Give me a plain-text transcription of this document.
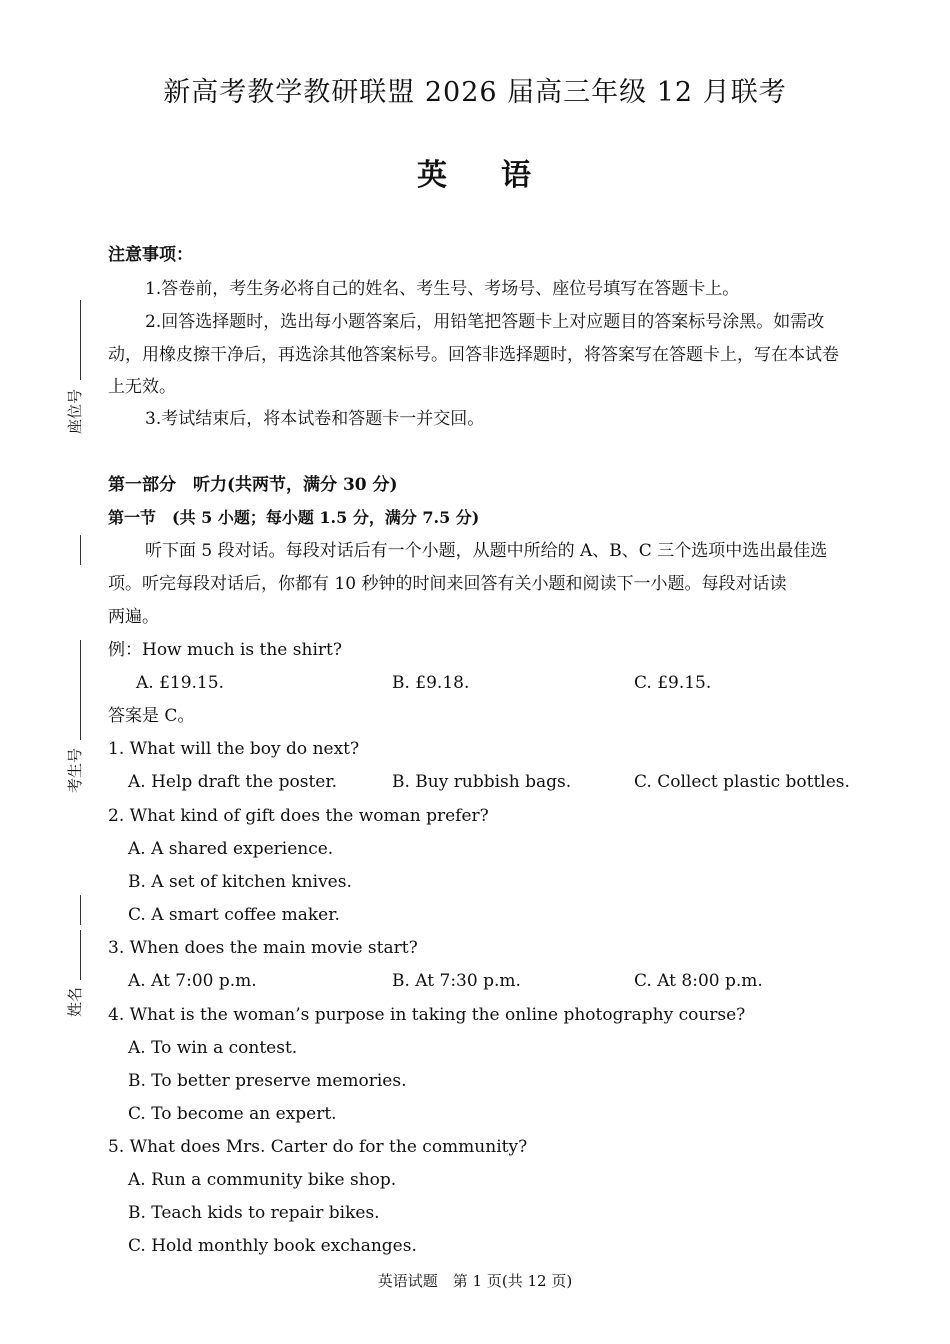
座位号
考生号
姓名
新高考教学教研联盟 2026 届高三年级 12 月联考
英 语
注意事项：
1.答卷前，考生务必将自己的姓名、考生号、考场号、座位号填写在答题卡上。
2.回答选择题时，选出每小题答案后，用铅笔把答题卡上对应题目的答案标号涂黑。如需改
动，用橡皮擦干净后，再选涂其他答案标号。回答非选择题时，将答案写在答题卡上，写在本试卷
上无效。
3.考试结束后，将本试卷和答题卡一并交回。
第一部分　听力(共两节，满分 30 分)
第一节　(共 5 小题；每小题 1.5 分，满分 7.5 分)
听下面 5 段对话。每段对话后有一个小题，从题中所给的 A、B、C 三个选项中选出最佳选
项。听完每段对话后，你都有 10 秒钟的时间来回答有关小题和阅读下一小题。每段对话读
两遍。
例：How much is the shirt?
A. £19.15.	B. £9.18.	C. £9.15.
答案是 C。
1. What will the boy do next?
A. Help draft the poster.	B. Buy rubbish bags.	C. Collect plastic bottles.
2. What kind of gift does the woman prefer?
A. A shared experience.
B. A set of kitchen knives.
C. A smart coffee maker.
3. When does the main movie start?
A. At 7:00 p.m.	B. At 7:30 p.m.	C. At 8:00 p.m.
4. What is the woman’s purpose in taking the online photography course?
A. To win a contest.
B. To better preserve memories.
C. To become an expert.
5. What does Mrs. Carter do for the community?
A. Run a community bike shop.
B. Teach kids to repair bikes.
C. Hold monthly book exchanges.
英语试题　第 1 页(共 12 页)
